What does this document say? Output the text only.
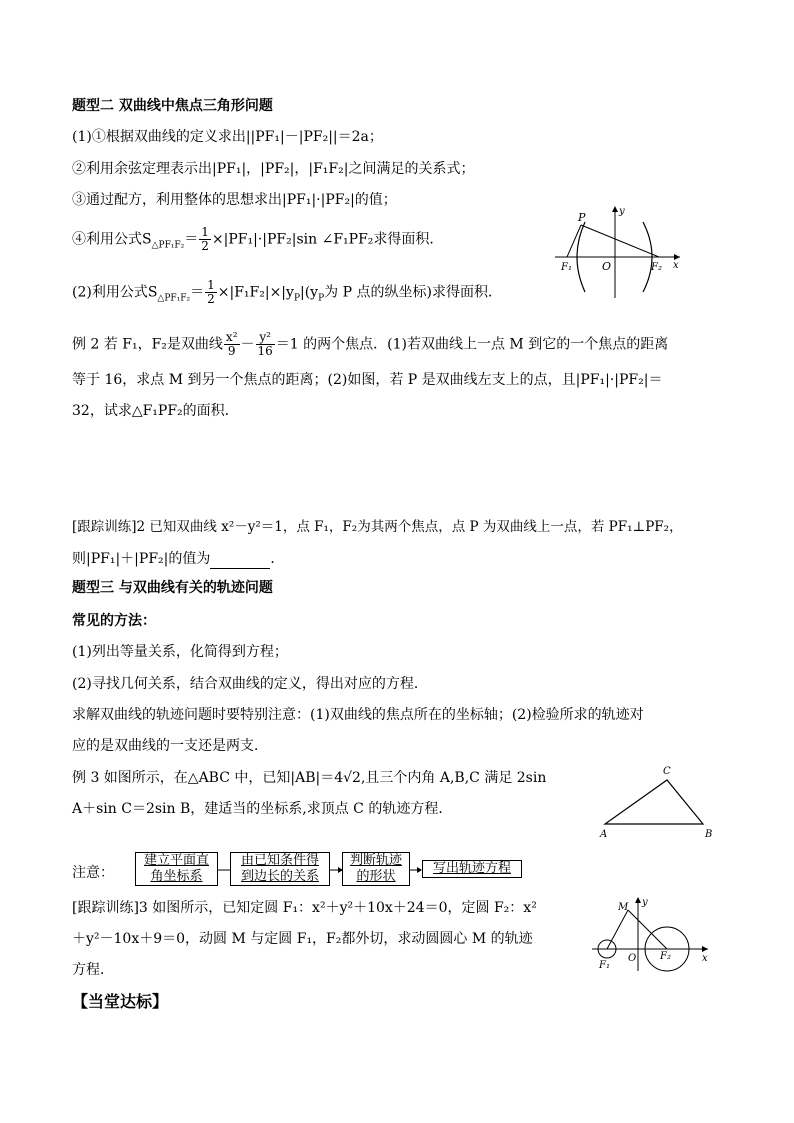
题型二 双曲线中焦点三角形问题
(1)①根据双曲线的定义求出||PF₁|－|PF₂||＝2a；
②利用余弦定理表示出|PF₁|，|PF₂|，|F₁F₂|之间满足的关系式；
③通过配方，利用整体的思想求出|PF₁|·|PF₂|的值；
④利用公式$S_{\triangle PF_1F_2}= \frac{1}{2} \times|PF_1|\cdot|PF_2|\sin$ ∠F₁PF₂求得面积．
(2)利用公式$S_{\triangle PF_1F_2}= \frac{1}{2} \times|F_1F_2|\times|y_P|(y_P$为 P 点的纵坐标)求得面积．
P	y
F₁	O	F₂ x
例 2 若 F₁，F₂是双曲线 $\frac{\text{x²}}{9} - \frac{\text{y²}}{16} =1$ 的两个焦点．(1)若双曲线上一点 M 到它的一个焦点的距离
等于 16，求点 M 到另一个焦点的距离；(2)如图，若 P 是双曲线左支上的点，且|PF₁|·|PF₂|＝
32，试求△F₁PF₂的面积．
[跟踪训练]2 已知双曲线 x²－y²＝1，点 F₁，F₂为其两个焦点，点 P 为双曲线上一点，若 PF₁⊥PF₂，
则|PF₁|＋|PF₂|的值为	．
题型三 与双曲线有关的轨迹问题
常见的方法：
(1)列出等量关系，化简得到方程；
(2)寻找几何关系，结合双曲线的定义，得出对应的方程．
求解双曲线的轨迹问题时要特别注意：(1)双曲线的焦点所在的坐标轴；(2)检验所求的轨迹对
应的是双曲线的一支还是两支．
例 3 如图所示，在△ABC 中，已知|AB|＝4√2,且三个内角 A,B,C 满足 2sin
A＋sin C＝2sin B，建适当的坐标系,求顶点 C 的轨迹方程．
A	B
C
注意：
建立平面直
角坐标系
由已知条件得
到边长的关系
判断轨迹
的形状
写出轨迹方程
[跟踪训练]3 如图所示，已知定圆 F₁：x²＋y²＋10x＋24＝0，定圆 F₂：x²
＋y²－10x＋9＝0，动圆 M 与定圆 F₁，F₂都外切，求动圆圆心 M 的轨迹
方程．
M y
F₁
O F₂	x
【当堂达标】
